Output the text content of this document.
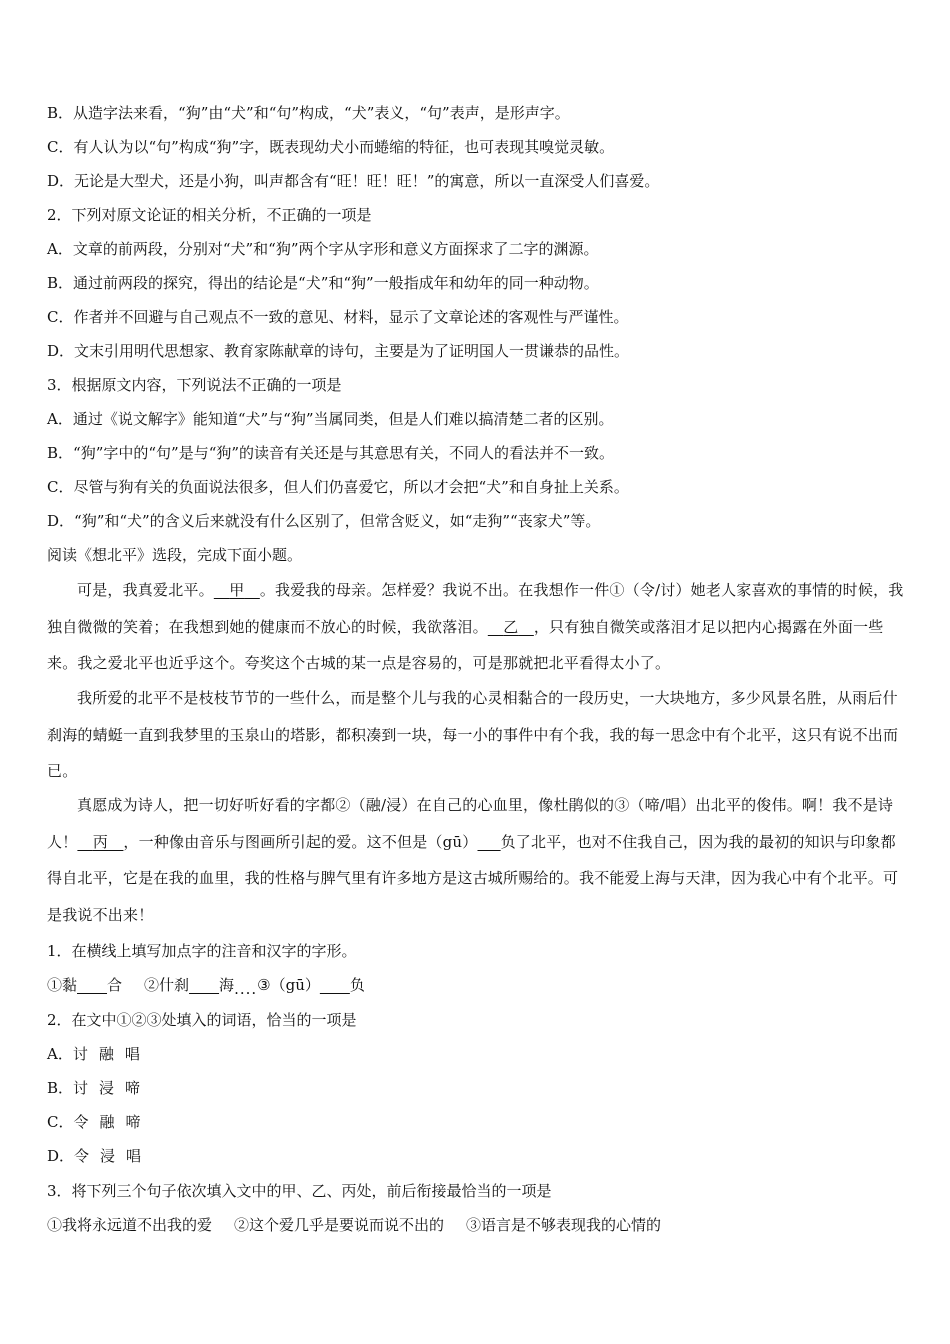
B．从造字法来看，“狗”由“犬”和“句”构成，“犬”表义，“句”表声，是形声字。
C．有人认为以“句”构成“狗”字，既表现幼犬小而蜷缩的特征，也可表现其嗅觉灵敏。
D．无论是大型犬，还是小狗，叫声都含有“旺！旺！旺！”的寓意，所以一直深受人们喜爱。
2．下列对原文论证的相关分析，不正确的一项是
A．文章的前两段，分别对“犬”和“狗”两个字从字形和意义方面探求了二字的渊源。
B．通过前两段的探究，得出的结论是“犬”和“狗”一般指成年和幼年的同一种动物。
C．作者并不回避与自己观点不一致的意见、材料，显示了文章论述的客观性与严谨性。
D．文末引用明代思想家、教育家陈献章的诗句，主要是为了证明国人一贯谦恭的品性。
3．根据原文内容，下列说法不正确的一项是
A．通过《说文解字》能知道“犬”与“狗”当属同类，但是人们难以搞清楚二者的区别。
B．“狗”字中的“句”是与“狗”的读音有关还是与其意思有关，不同人的看法并不一致。
C．尽管与狗有关的负面说法很多，但人们仍喜爱它，所以才会把“犬”和自身扯上关系。
D．“狗”和“犬”的含义后来就没有什么区别了，但常含贬义，如“走狗”“丧家犬”等。
阅读《想北平》选段，完成下面小题。
可是，我真爱北平。   甲   。我爱我的母亲。怎样爱？我说不出。在我想作一件①（令/讨）她老人家喜欢的事情的时候，我独自微微的笑着；在我想到她的健康而不放心的时候，我欲落泪。   乙   ，只有独自微笑或落泪才足以把内心揭露在外面一些来。我之爱北平也近乎这个。夸奖这个古城的某一点是容易的，可是那就把北平看得太小了。
我所爱的北平不是枝枝节节的一些什么，而是整个儿与我的心灵相黏合的一段历史，一大块地方，多少风景名胜，从雨后什刹海的蜻蜓一直到我梦里的玉泉山的塔影，都积凑到一块，每一小的事件中有个我，我的每一思念中有个北平，这只有说不出而已。
真愿成为诗人，把一切好听好看的字都②（融/浸）在自己的心血里，像杜鹃似的③（啼/唱）出北平的俊伟。啊！我不是诗人！   丙   ，一种像由音乐与图画所引起的爱。这不但是（gū）    负了北平，也对不住我自己，因为我的最初的知识与印象都得自北平，它是在我的血里，我的性格与脾气里有许多地方是这古城所赐给的。我不能爱上海与天津，因为我心中有个北平。可是我说不出来！
1．在横线上填写加点字的注音和汉字的字形。
①黏     合 ②什刹     海....③（gū）     负
2．在文中①②③处填入的词语，恰当的一项是
A．讨 融 唱
B．讨 浸 啼
C．令 融 啼
D．令 浸 唱
3．将下列三个句子依次填入文中的甲、乙、丙处，前后衔接最恰当的一项是
①我将永远道不出我的爱 ②这个爱几乎是要说而说不出的 ③语言是不够表现我的心情的
